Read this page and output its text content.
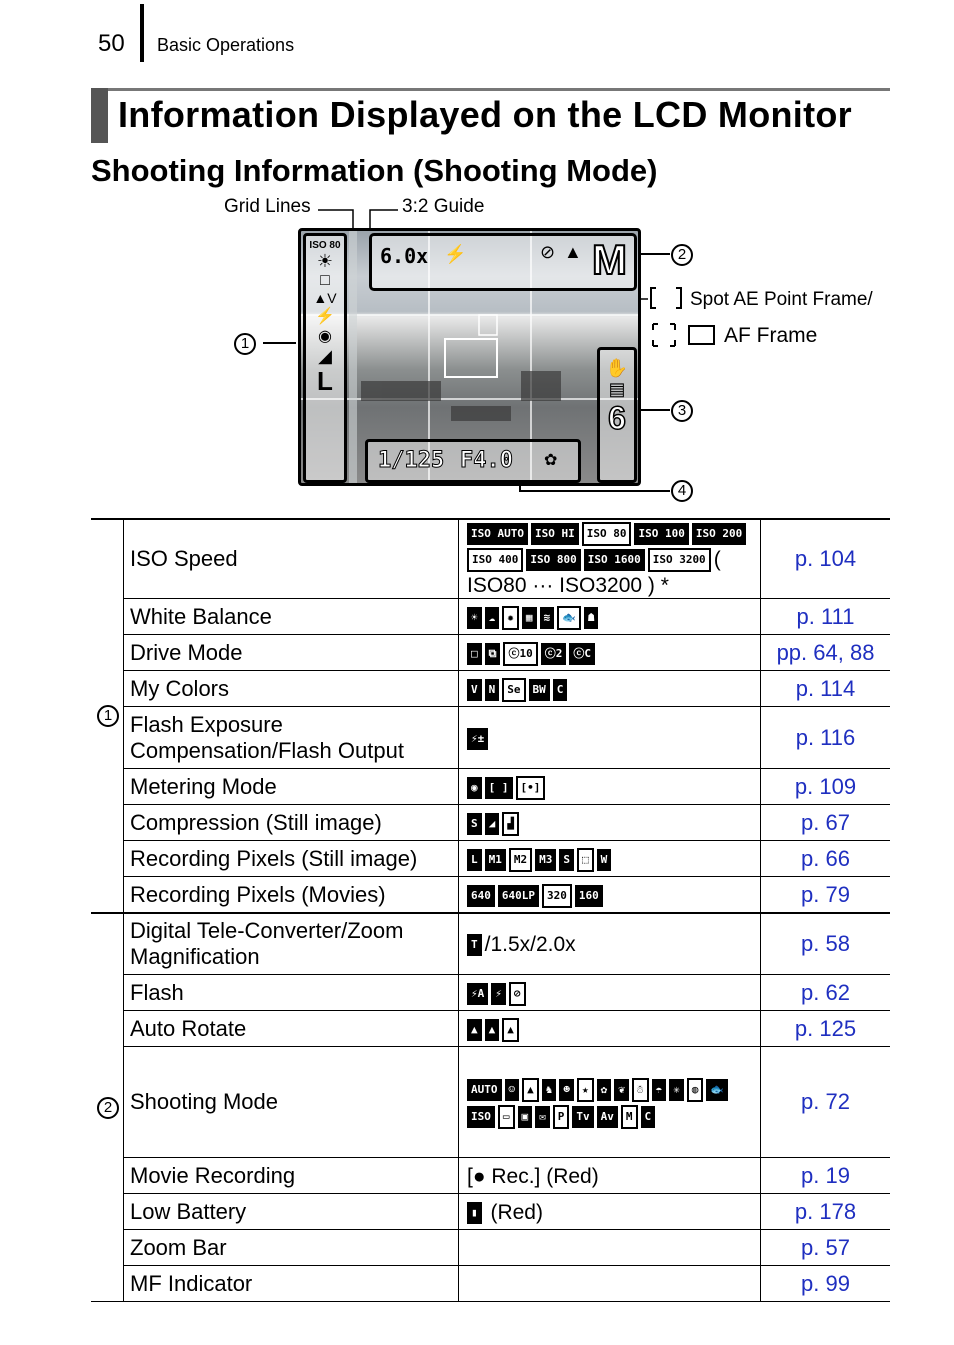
50 Basic Operations
Information Displayed on the LCD Monitor
Shooting Information (Shooting Mode)
Grid Lines	3:2 Guide
Spot AE Point Frame/
AF Frame
ISO 80
☀
□
▲V
⚡
◉
◢
L
6.0x ⚡	⊘ ▲ M
✋
▤
6
1/125 F4.0 ✿
1
2
3
4
1	ISO Speed	ISO AUTO ISO HI ISO 80 ISO 100 ISO 200ISO 400 ISO 800 ISO 1600 ISO 3200 ( ISO80 ··· ISO3200 ) *	p. 104
	White Balance	☀ ☁ ✹ ▦ ≋ 🐟 ☗	p. 111
	Drive Mode	□ ⧉ ⓒ10 ⓒ2 ⓒC	pp. 64, 88
	My Colors	V N Se BW C	p. 114
	Flash Exposure Compensation/Flash Output	⚡±	p. 116
	Metering Mode	◉ [ ] [•]	p. 109
	Compression (Still image)	S ◢ ▟	p. 67
	Recording Pixels (Still image)	L M1 M2 M3 S ⬚ W	p. 66
	Recording Pixels (Movies)	640 640LP 320 160	p. 79

2	Digital Tele-Converter/Zoom Magnification	T /1.5x/2.0x	p. 58
	Flash	⚡A ⚡ ⊘	p. 62
	Auto Rotate	▲ ▲ ▲	p. 125
	Shooting Mode	AUTO ☺ ▲ ♞ ☻ ★ ✿ ❦ ☃ ☂ ✳ ◍ 🐟ISO ▭ ▣ ✉ P Tv Av M C	p. 72
	Movie Recording	[● Rec.] (Red)	p. 19
	Low Battery	▮ (Red)	p. 178
	Zoom Bar		p. 57
	MF Indicator		p. 99
